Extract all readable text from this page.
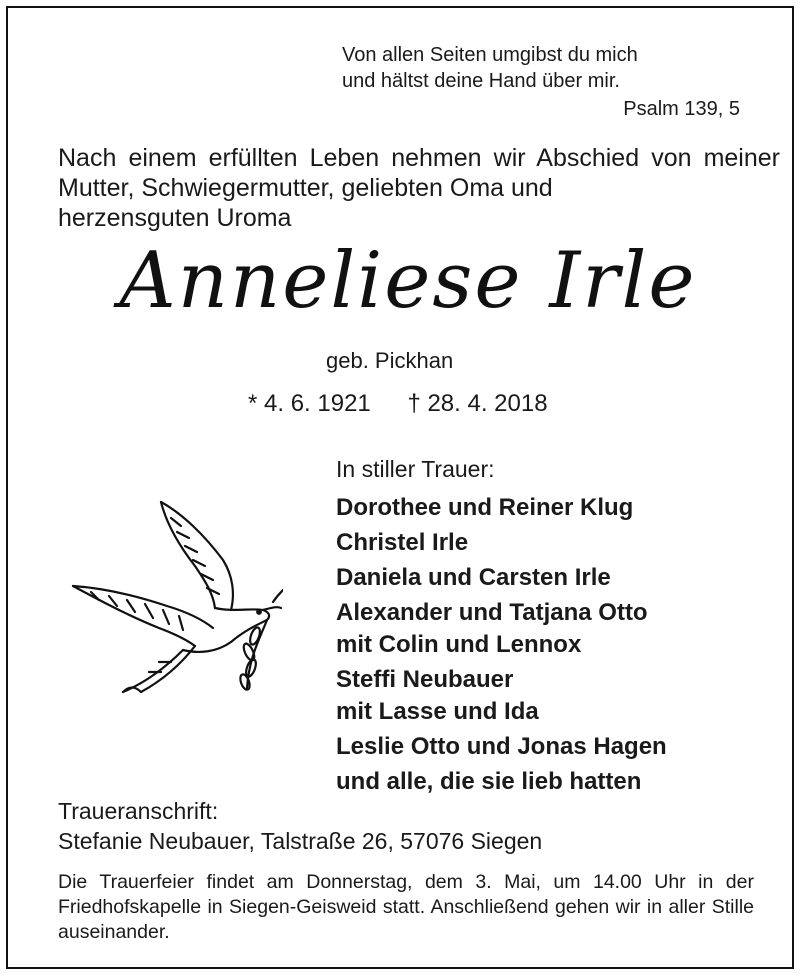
Von allen Seiten umgibst du mich
und hältst deine Hand über mir.
Psalm 139, 5
Nach einem erfüllten Leben nehmen wir Abschied von meiner Mutter, Schwiegermutter, geliebten Oma und
herzensguten Uroma
Anneliese Irle
geb. Pickhan
* 4. 6. 1921 † 28. 4. 2018
In stiller Trauer:
Dorothee und Reiner Klug
Christel Irle
Daniela und Carsten Irle
Alexander und Tatjana Otto
mit Colin und Lennox
Steffi Neubauer
mit Lasse und Ida
Leslie Otto und Jonas Hagen
und alle, die sie lieb hatten
Traueranschrift:
Stefanie Neubauer, Talstraße 26, 57076 Siegen
Die Trauerfeier findet am Donnerstag, dem 3. Mai, um 14.00 Uhr in der Friedhofskapelle in Siegen-Geisweid statt. Anschließend gehen wir in aller Stille auseinander.
